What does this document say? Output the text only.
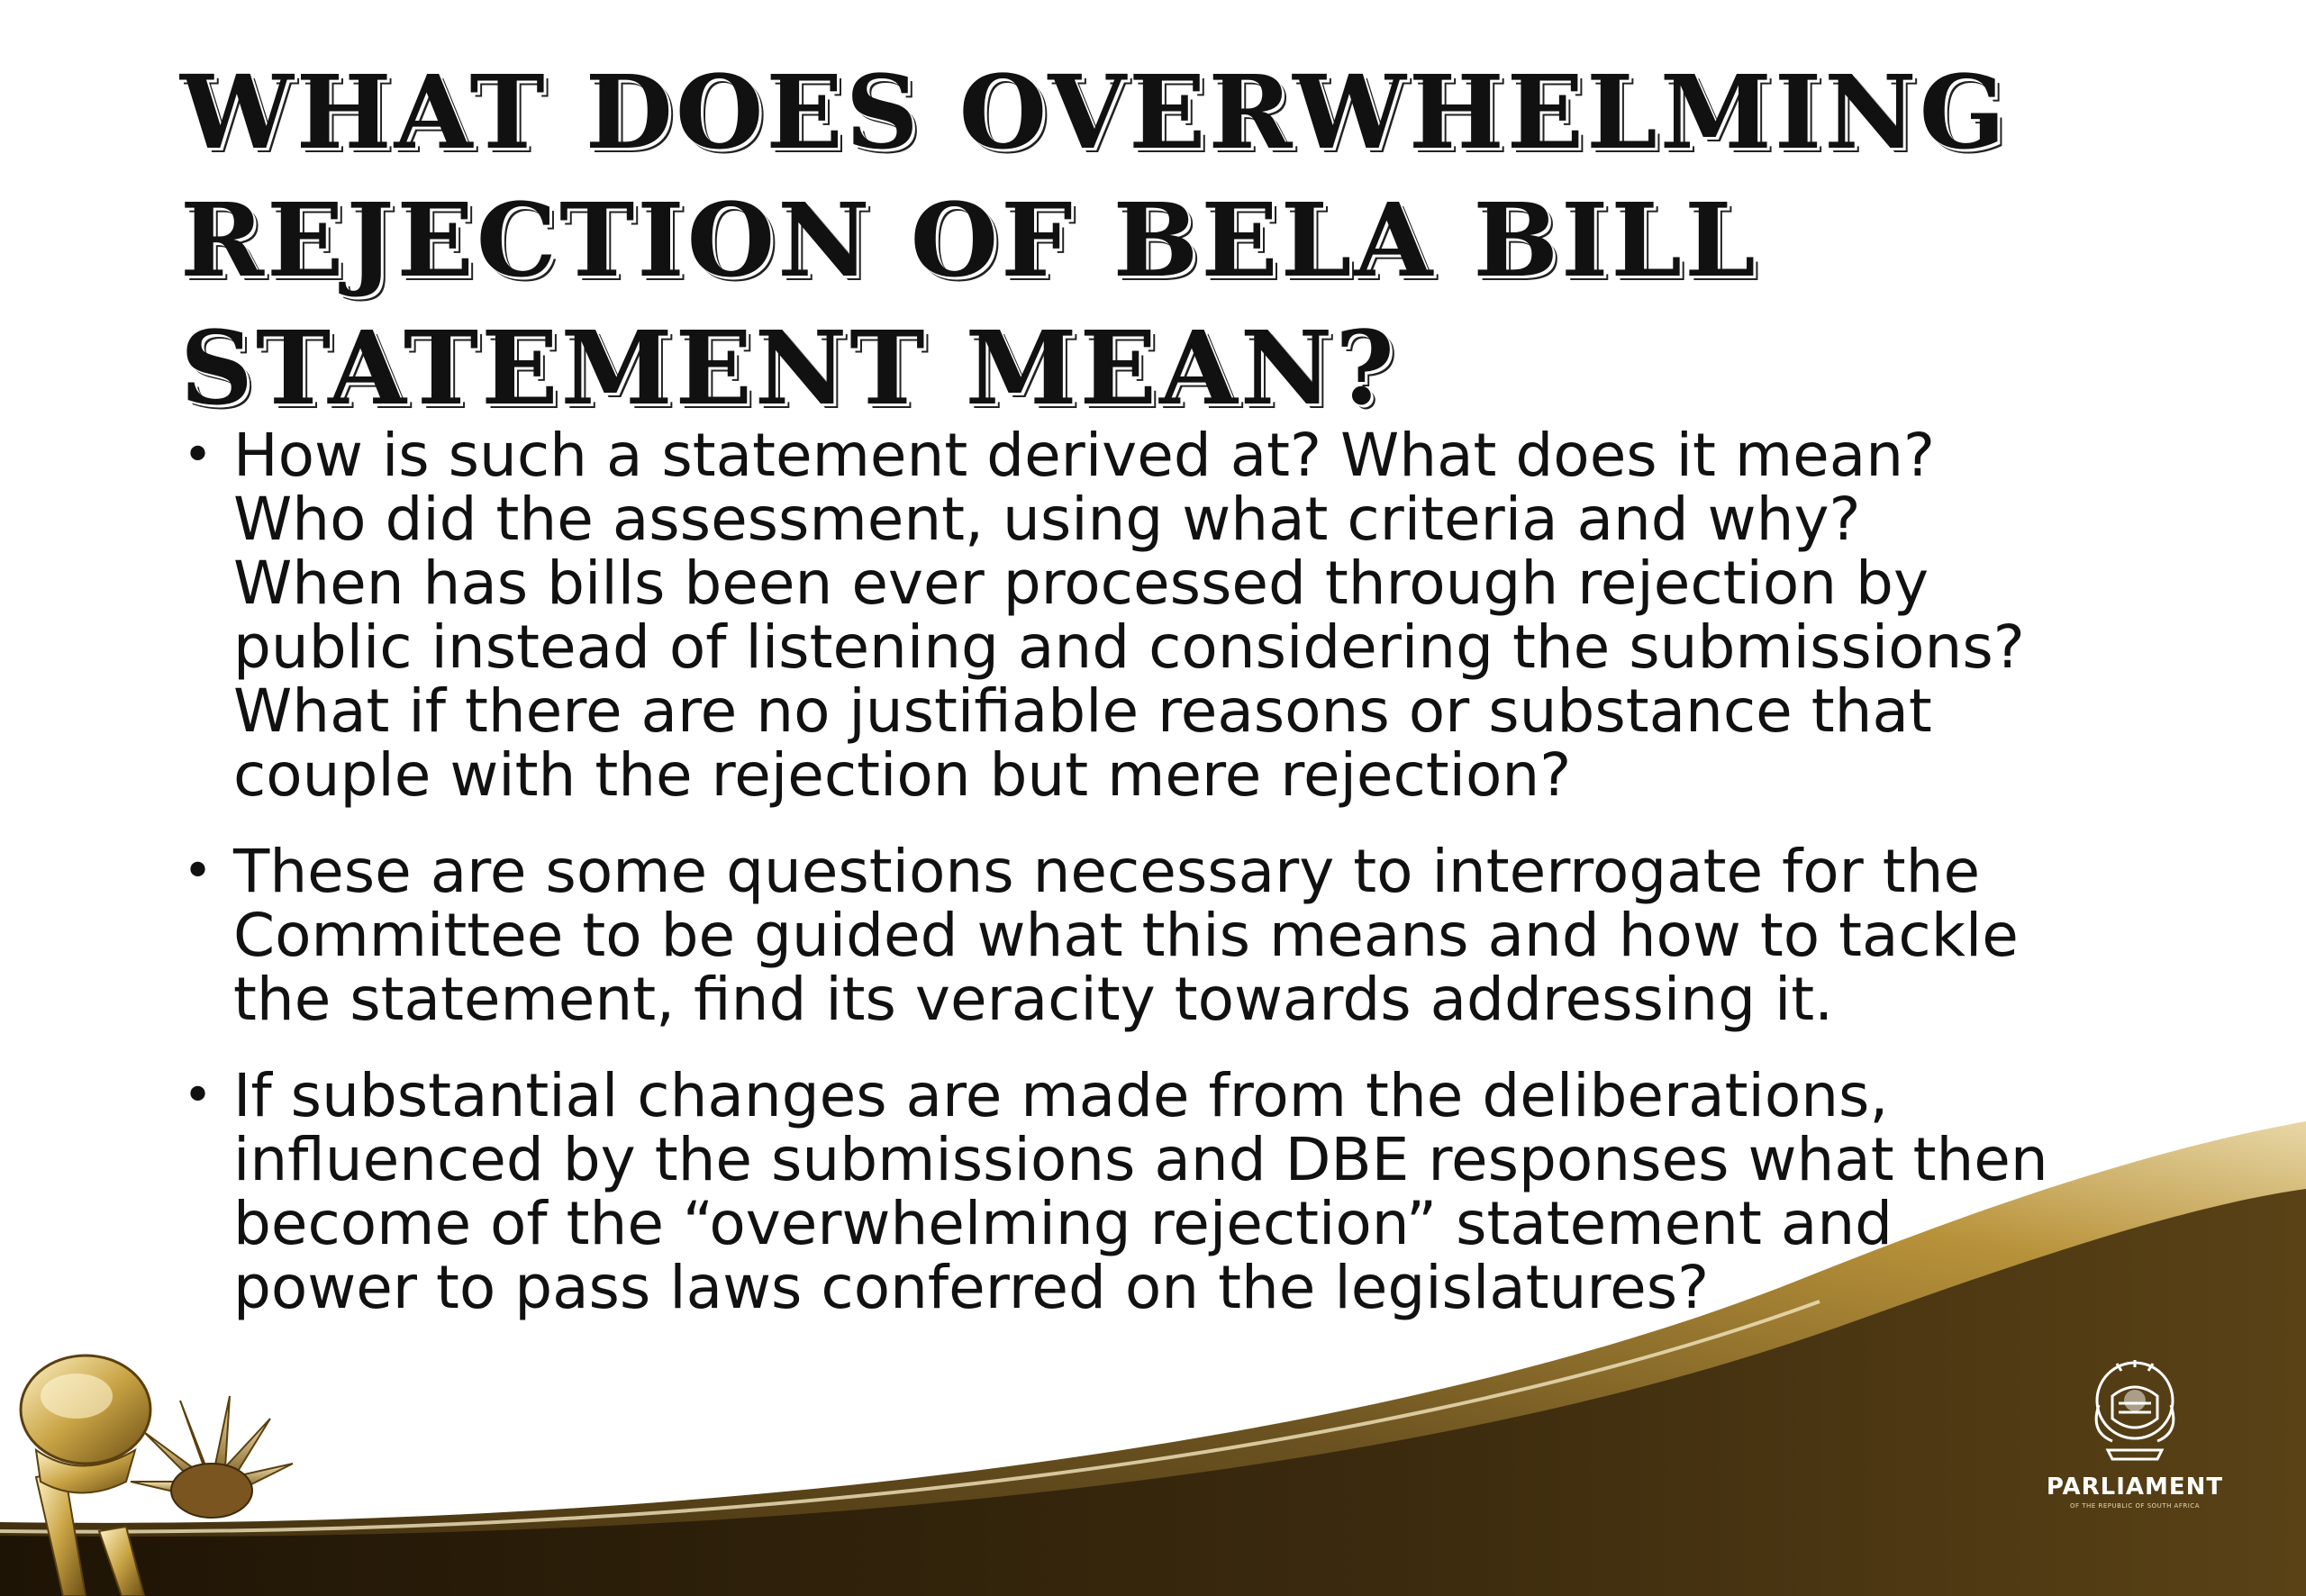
WHAT DOES OVERWHELMING
REJECTION OF BELA BILL
STATEMENT MEAN?
• How is such a statement derived at? What does it mean?
Who did the assessment, using what criteria and why?
When has bills been ever processed through rejection by
public instead of listening and considering the submissions?
What if there are no justifiable reasons or substance that
couple with the rejection but mere rejection?
• These are some questions necessary to interrogate for the
Committee to be guided what this means and how to tackle
the statement, find its veracity towards addressing it.
• If substantial changes are made from the deliberations,
influenced by the submissions and DBE responses what then
become of the “overwhelming rejection” statement and
power to pass laws conferred on the legislatures?
PARLIAMENT
OF THE REPUBLIC OF SOUTH AFRICA
